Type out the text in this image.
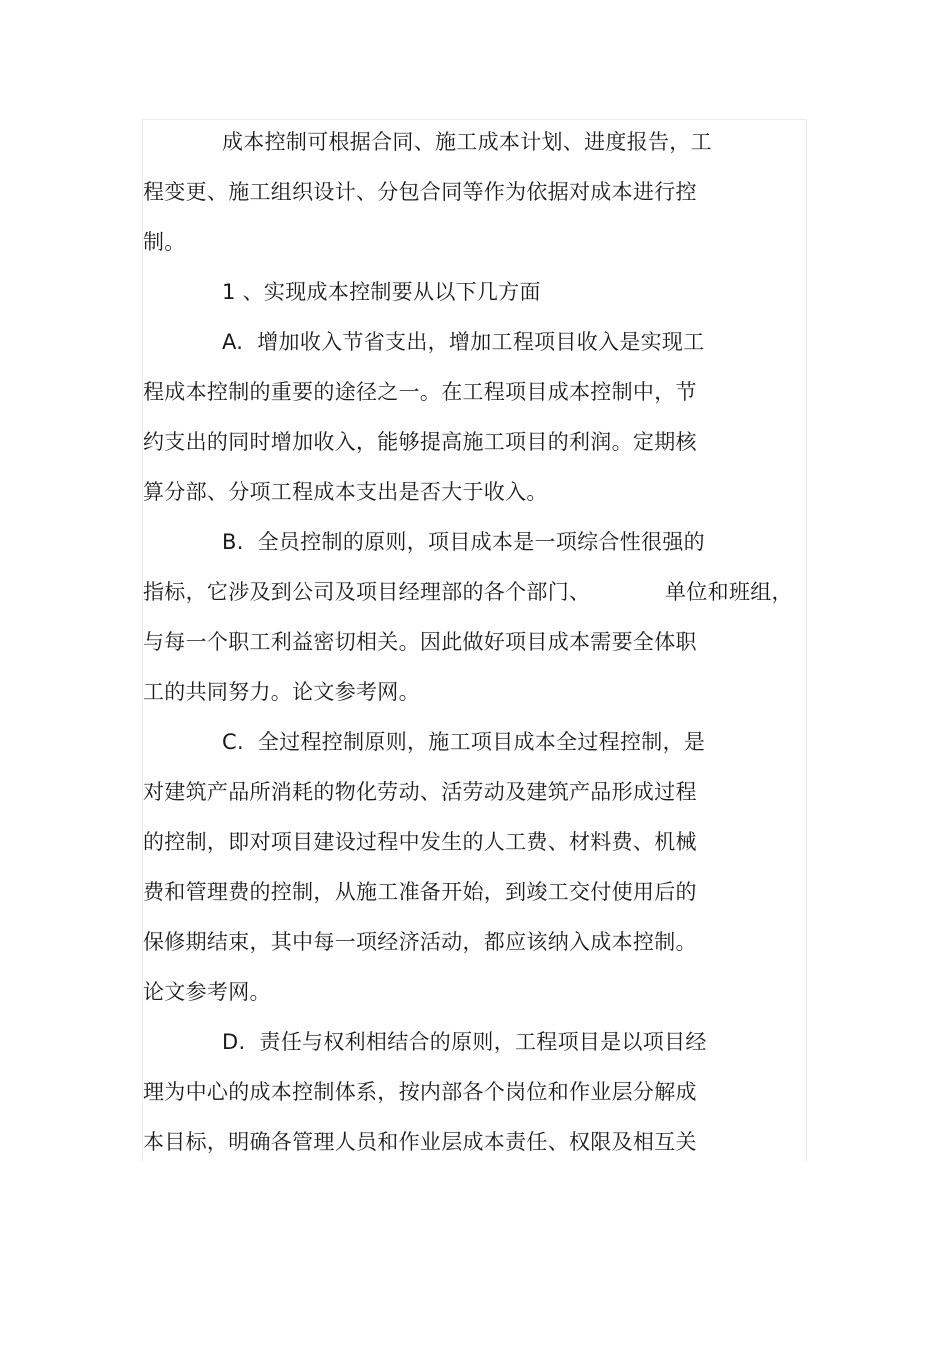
成本控制可根据合同、施工成本计划、进度报告，工
程变更、施工组织设计、分包合同等作为依据对成本进行控
制。
1 、实现成本控制要从以下几方面
A.  增加收入节省支出，增加工程项目收入是实现工
程成本控制的重要的途径之一。在工程项目成本控制中，节
约支出的同时增加收入，能够提高施工项目的利润。定期核
算分部、分项工程成本支出是否大于收入。
B.  全员控制的原则，项目成本是一项综合性很强的
指标，它涉及到公司及项目经理部的各个部门、	单位和班组，
与每一个职工利益密切相关。因此做好项目成本需要全体职
工的共同努力。论文参考网。
C.  全过程控制原则，施工项目成本全过程控制，是
对建筑产品所消耗的物化劳动、活劳动及建筑产品形成过程
的控制，即对项目建设过程中发生的人工费、材料费、机械
费和管理费的控制，从施工准备开始，到竣工交付使用后的
保修期结束，其中每一项经济活动，都应该纳入成本控制。
论文参考网。
D.  责任与权利相结合的原则，工程项目是以项目经
理为中心的成本控制体系，按内部各个岗位和作业层分解成
本目标，明确各管理人员和作业层成本责任、权限及相互关
